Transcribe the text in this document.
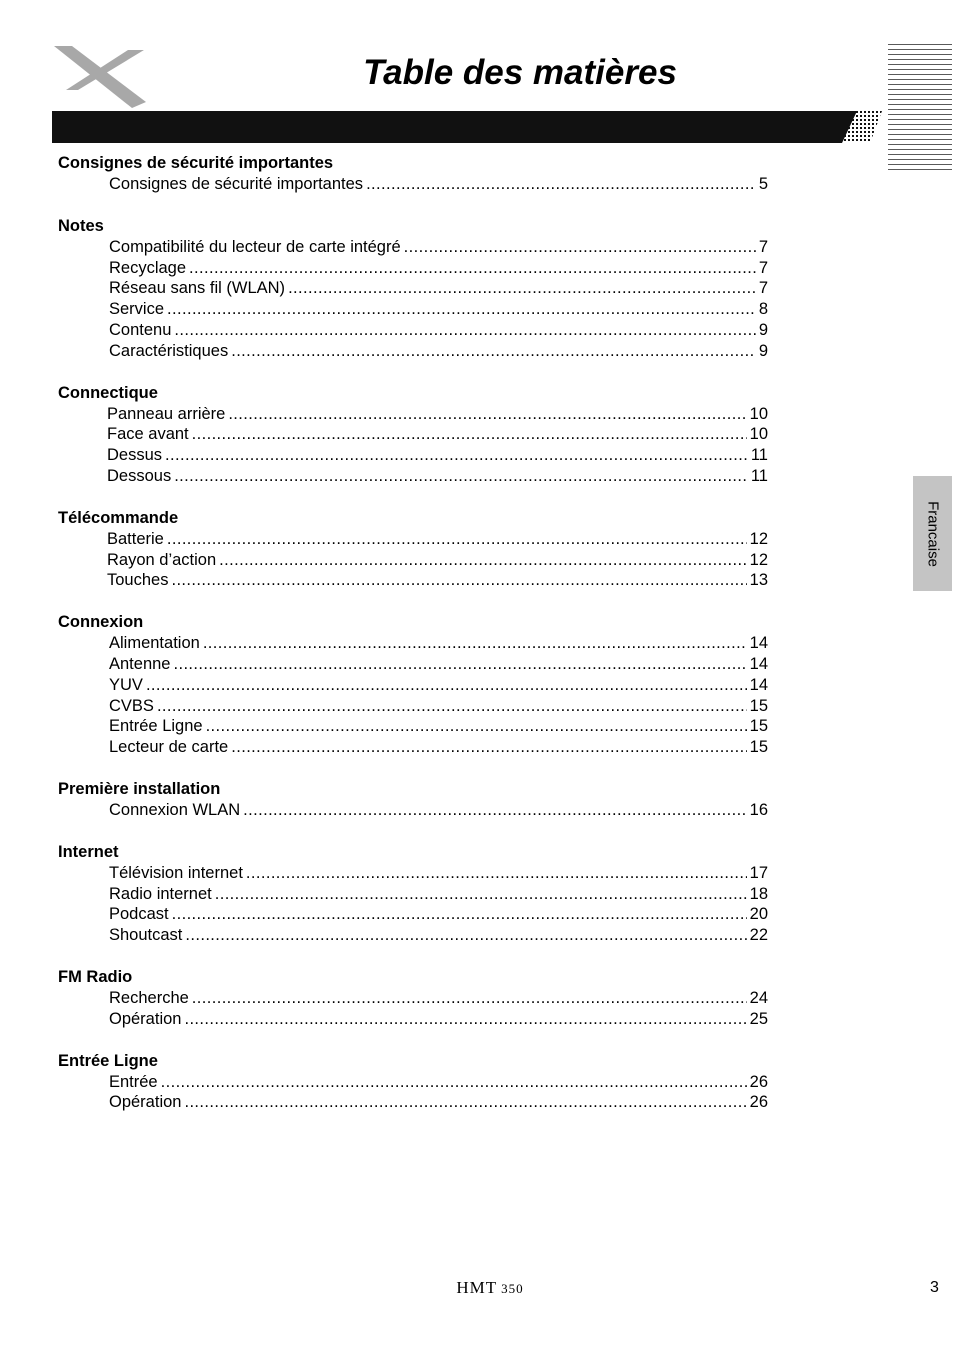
Table des matières
Francaise
Consignes de sécurité importantes
Consignes de sécurité importantes .....	5
Notes
Compatibilité du lecteur de carte intégré .....	7
Recyclage .....	7
Réseau sans fil (WLAN) .....	7
Service .....	8
Contenu .....	9
Caractéristiques .....	9
Connectique
Panneau arrière .....	10
Face avant .....	10
Dessus .....	11
Dessous .....	11
Télécommande
Batterie .....	12
Rayon d’action .....	12
Touches .....	13
Connexion
Alimentation .....	14
Antenne .....	14
YUV .....	14
CVBS .....	15
Entrée Ligne .....	15
Lecteur de carte .....	15
Première installation
Connexion WLAN .....	16
Internet
Télévision internet .....	17
Radio internet .....	18
Podcast .....	20
Shoutcast .....	22
FM Radio
Recherche .....	24
Opération .....	25
Entrée Ligne
Entrée .....	26
Opération .....	26
HMT 350	3
